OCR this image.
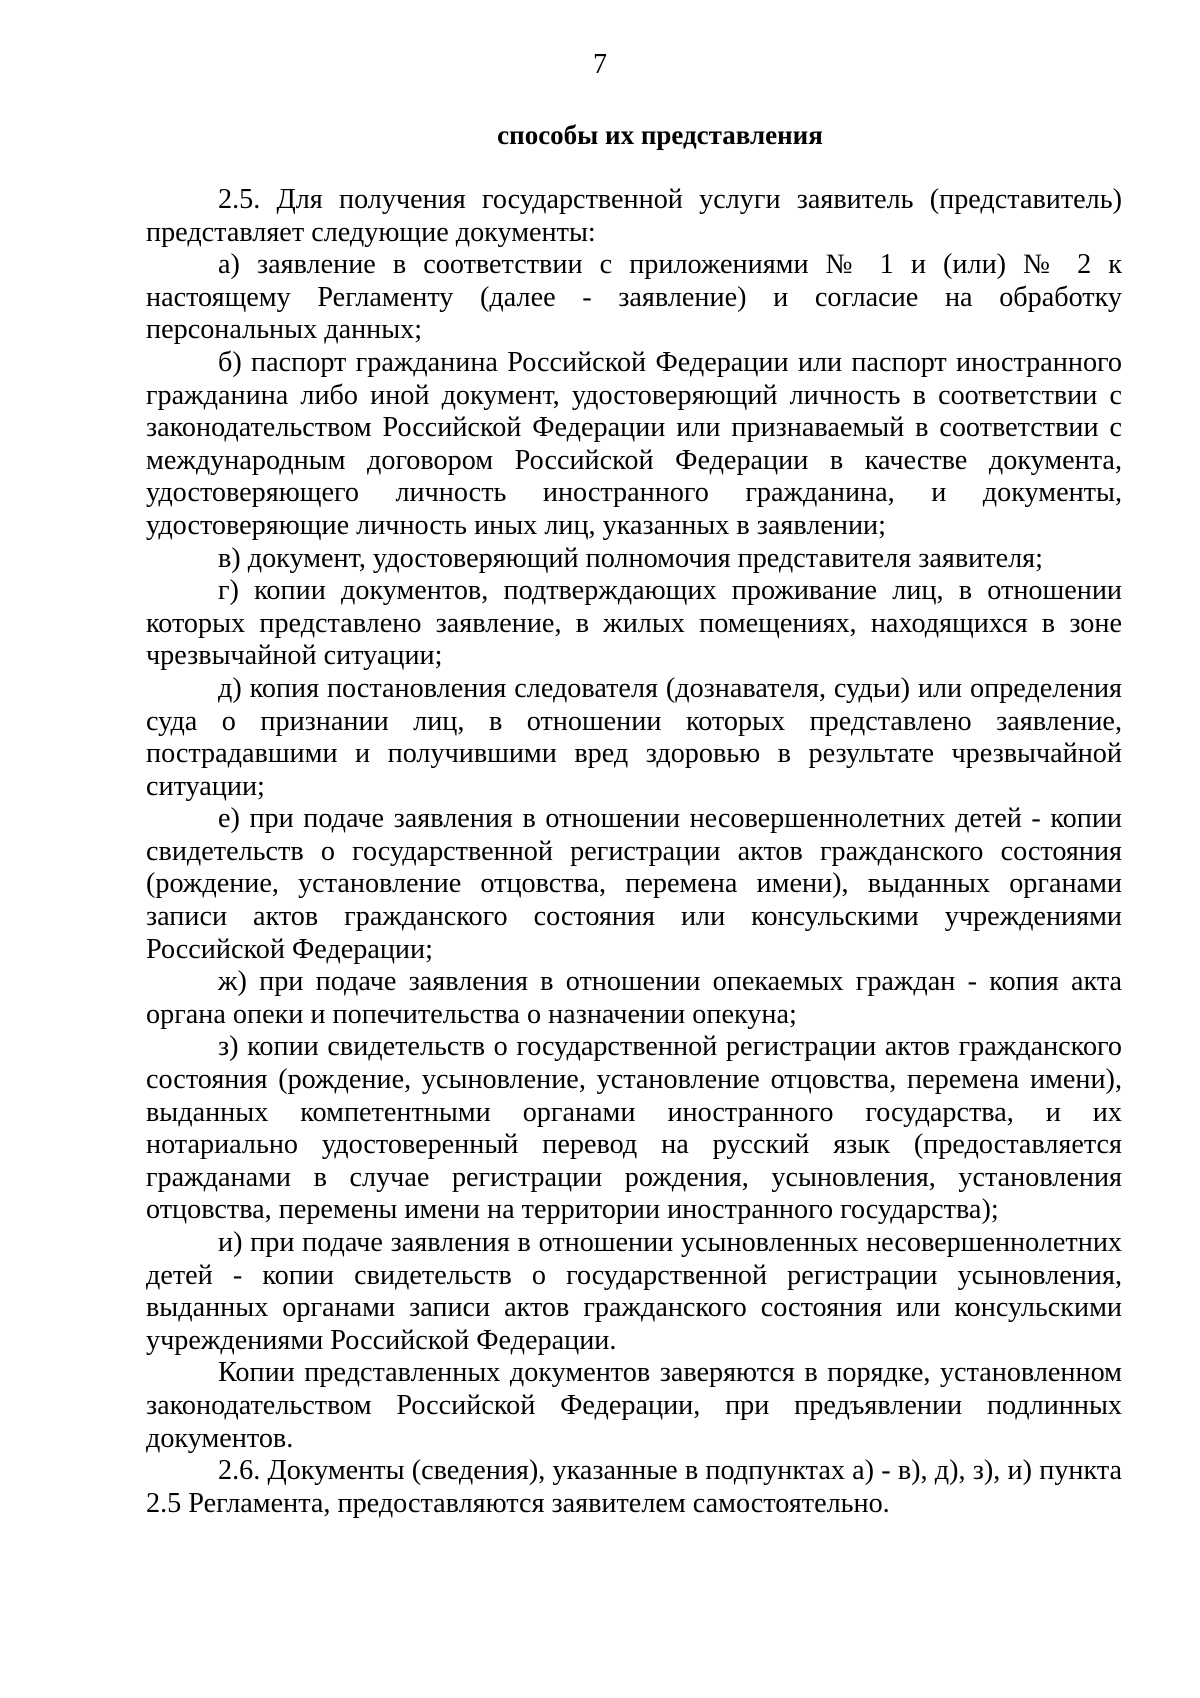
7
способы их представления

2.5. Для получения государственной услуги заявитель (представитель) представляет следующие документы:

а) заявление в соответствии с приложениями № 1 и (или) № 2 к настоящему Регламенту (далее - заявление) и согласие на обработку персональных данных;

б) паспорт гражданина Российской Федерации или паспорт иностранного гражданина либо иной документ, удостоверяющий личность в соответствии с законодательством Российской Федерации или признаваемый в соответствии с международным договором Российской Федерации в качестве документа, удостоверяющего личность иностранного гражданина, и документы, удостоверяющие личность иных лиц, указанных в заявлении;

в) документ, удостоверяющий полномочия представителя заявителя;

г) копии документов, подтверждающих проживание лиц, в отношении которых представлено заявление, в жилых помещениях, находящихся в зоне чрезвычайной ситуации;

д) копия постановления следователя (дознавателя, судьи) или определения суда о признании лиц, в отношении которых представлено заявление, пострадавшими и получившими вред здоровью в результате чрезвычайной ситуации;

е) при подаче заявления в отношении несовершеннолетних детей - копии свидетельств о государственной регистрации актов гражданского состояния (рождение, установление отцовства, перемена имени), выданных органами записи актов гражданского состояния или консульскими учреждениями Российской Федерации;

ж) при подаче заявления в отношении опекаемых граждан - копия акта органа опеки и попечительства о назначении опекуна;

з) копии свидетельств о государственной регистрации актов гражданского состояния (рождение, усыновление, установление отцовства, перемена имени), выданных компетентными органами иностранного государства, и их нотариально удостоверенный перевод на русский язык (предоставляется гражданами в случае регистрации рождения, усыновления, установления отцовства, перемены имени на территории иностранного государства);

и) при подаче заявления в отношении усыновленных несовершеннолетних детей - копии свидетельств о государственной регистрации усыновления, выданных органами записи актов гражданского состояния или консульскими учреждениями Российской Федерации.

Копии представленных документов заверяются в порядке, установленном законодательством Российской Федерации, при предъявлении подлинных документов.

2.6. Документы (сведения), указанные в подпунктах а) - в), д), з), и) пункта 2.5 Регламента, предоставляются заявителем самостоятельно.
